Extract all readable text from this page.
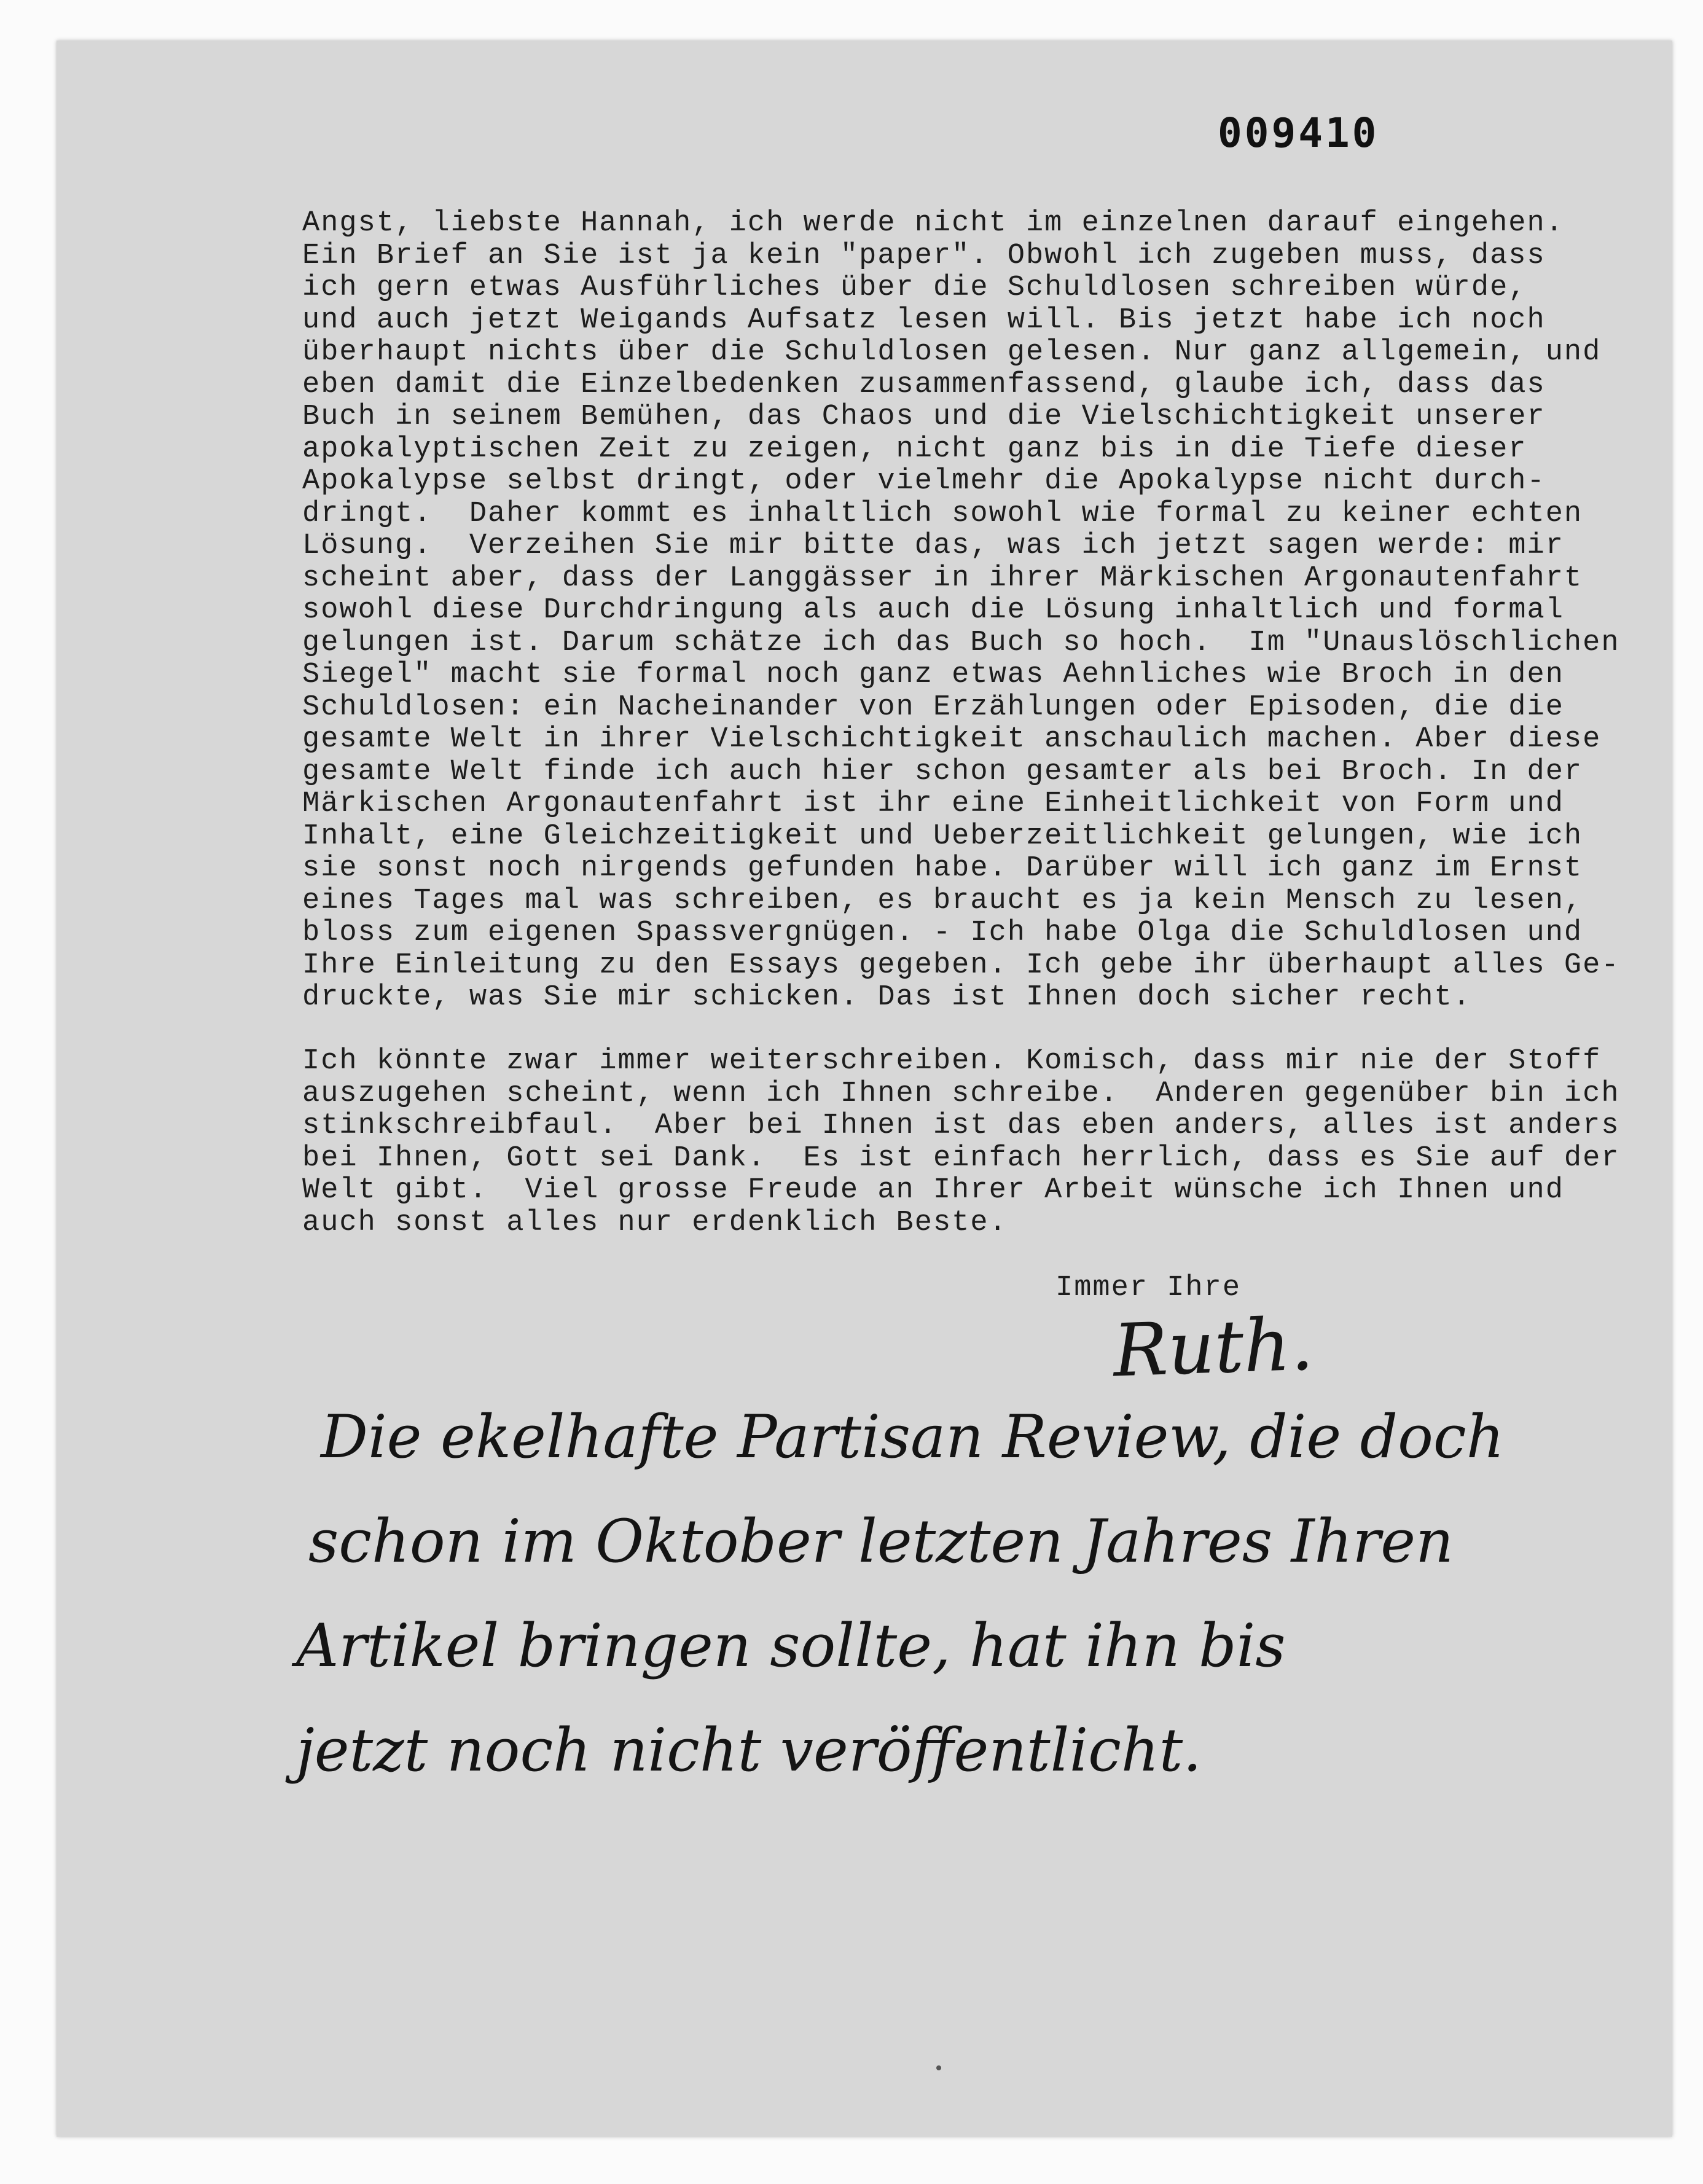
009410
Angst, liebste Hannah, ich werde nicht im einzelnen darauf eingehen.
Ein Brief an Sie ist ja kein "paper". Obwohl ich zugeben muss, dass
ich gern etwas Ausführliches über die Schuldlosen schreiben würde,
und auch jetzt Weigands Aufsatz lesen will. Bis jetzt habe ich noch
überhaupt nichts über die Schuldlosen gelesen. Nur ganz allgemein, und
eben damit die Einzelbedenken zusammenfassend, glaube ich, dass das
Buch in seinem Bemühen, das Chaos und die Vielschichtigkeit unserer
apokalyptischen Zeit zu zeigen, nicht ganz bis in die Tiefe dieser
Apokalypse selbst dringt, oder vielmehr die Apokalypse nicht durch-
dringt.  Daher kommt es inhaltlich sowohl wie formal zu keiner echten
Lösung.  Verzeihen Sie mir bitte das, was ich jetzt sagen werde: mir
scheint aber, dass der Langgässer in ihrer Märkischen Argonautenfahrt
sowohl diese Durchdringung als auch die Lösung inhaltlich und formal
gelungen ist. Darum schätze ich das Buch so hoch.  Im "Unauslöschlichen
Siegel" macht sie formal noch ganz etwas Aehnliches wie Broch in den
Schuldlosen: ein Nacheinander von Erzählungen oder Episoden, die die
gesamte Welt in ihrer Vielschichtigkeit anschaulich machen. Aber diese
gesamte Welt finde ich auch hier schon gesamter als bei Broch. In der
Märkischen Argonautenfahrt ist ihr eine Einheitlichkeit von Form und
Inhalt, eine Gleichzeitigkeit und Ueberzeitlichkeit gelungen, wie ich
sie sonst noch nirgends gefunden habe. Darüber will ich ganz im Ernst
eines Tages mal was schreiben, es braucht es ja kein Mensch zu lesen,
bloss zum eigenen Spassvergnügen. - Ich habe Olga die Schuldlosen und
Ihre Einleitung zu den Essays gegeben. Ich gebe ihr überhaupt alles Ge-
druckte, was Sie mir schicken. Das ist Ihnen doch sicher recht.
Ich könnte zwar immer weiterschreiben. Komisch, dass mir nie der Stoff
auszugehen scheint, wenn ich Ihnen schreibe.  Anderen gegenüber bin ich
stinkschreibfaul.  Aber bei Ihnen ist das eben anders, alles ist anders
bei Ihnen, Gott sei Dank.  Es ist einfach herrlich, dass es Sie auf der
Welt gibt.  Viel grosse Freude an Ihrer Arbeit wünsche ich Ihnen und
auch sonst alles nur erdenklich Beste.
Immer Ihre
Ruth.
Die ekelhafte Partisan Review, die doch
schon im Oktober letzten Jahres Ihren
Artikel bringen sollte, hat ihn bis
jetzt noch nicht veröffentlicht.
